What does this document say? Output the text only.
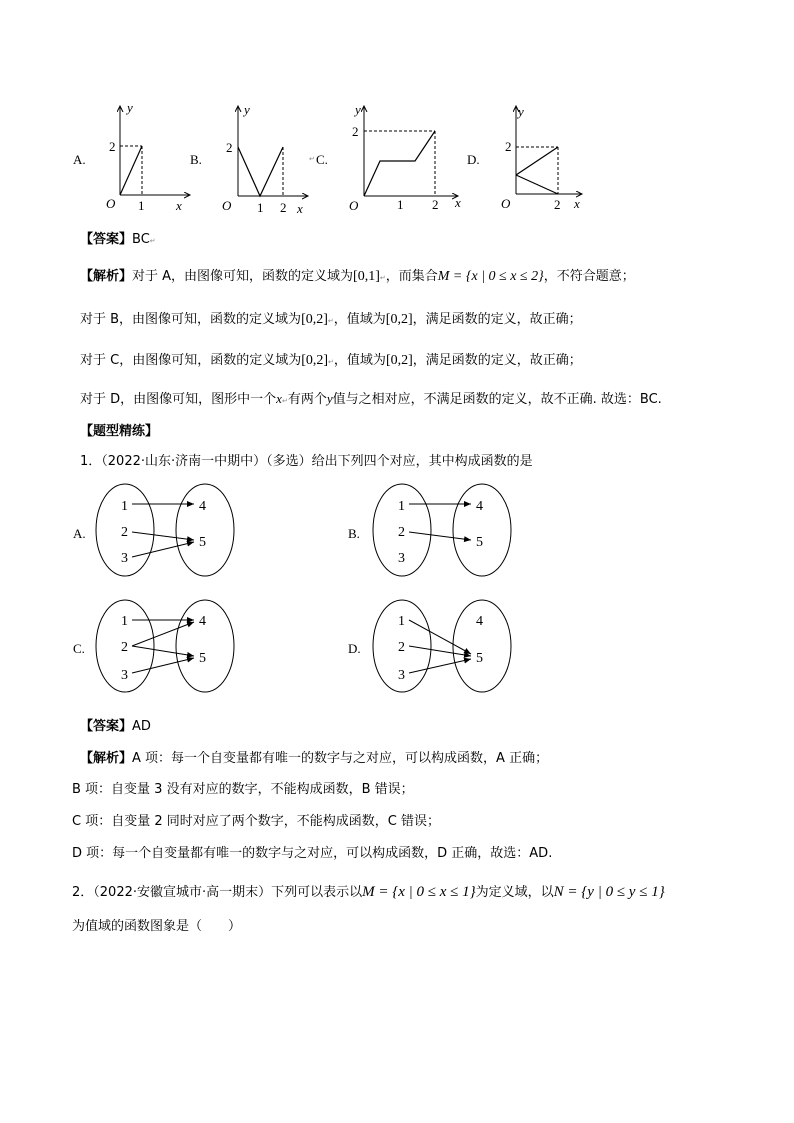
A.
y
x
O
2
1
B.
y
x
O
2
1 2
↵ C.
y
x
O
2
1 2
D.
y
x
O
2
2
【答案】BC↵
【解析】对于 A，由图像可知，函数的定义域为[0,1]↵，而集合M = {x | 0 ≤ x ≤ 2}，不符合题意；
对于 B，由图像可知，函数的定义域为[0,2]↵，值域为[0,2]，满足函数的定义，故正确；
对于 C，由图像可知，函数的定义域为[0,2]↵，值域为[0,2]，满足函数的定义，故正确；
对于 D，由图像可知，图形中一个x↵有两个y值与之相对应，不满足函数的定义，故不正确. 故选：BC.
【题型精练】
1．（2022·山东·济南一中期中）（多选）给出下列四个对应，其中构成函数的是
A.
1
2
3
4
5
B.
1
2
3
4
5
C.
1
2
3
4
5
D.
1
2
3
4
5
【答案】AD
【解析】A 项：每一个自变量都有唯一的数字与之对应，可以构成函数，A 正确；
B 项：自变量 3 没有对应的数字，不能构成函数，B 错误；
C 项：自变量 2 同时对应了两个数字，不能构成函数，C 错误；
D 项：每一个自变量都有唯一的数字与之对应，可以构成函数，D 正确，故选：AD.
2．（2022·安徽宣城市·高一期末）下列可以表示以M = {x | 0 ≤ x ≤ 1}为定义域，以N = {y | 0 ≤ y ≤ 1}
为值域的函数图象是（　　）
